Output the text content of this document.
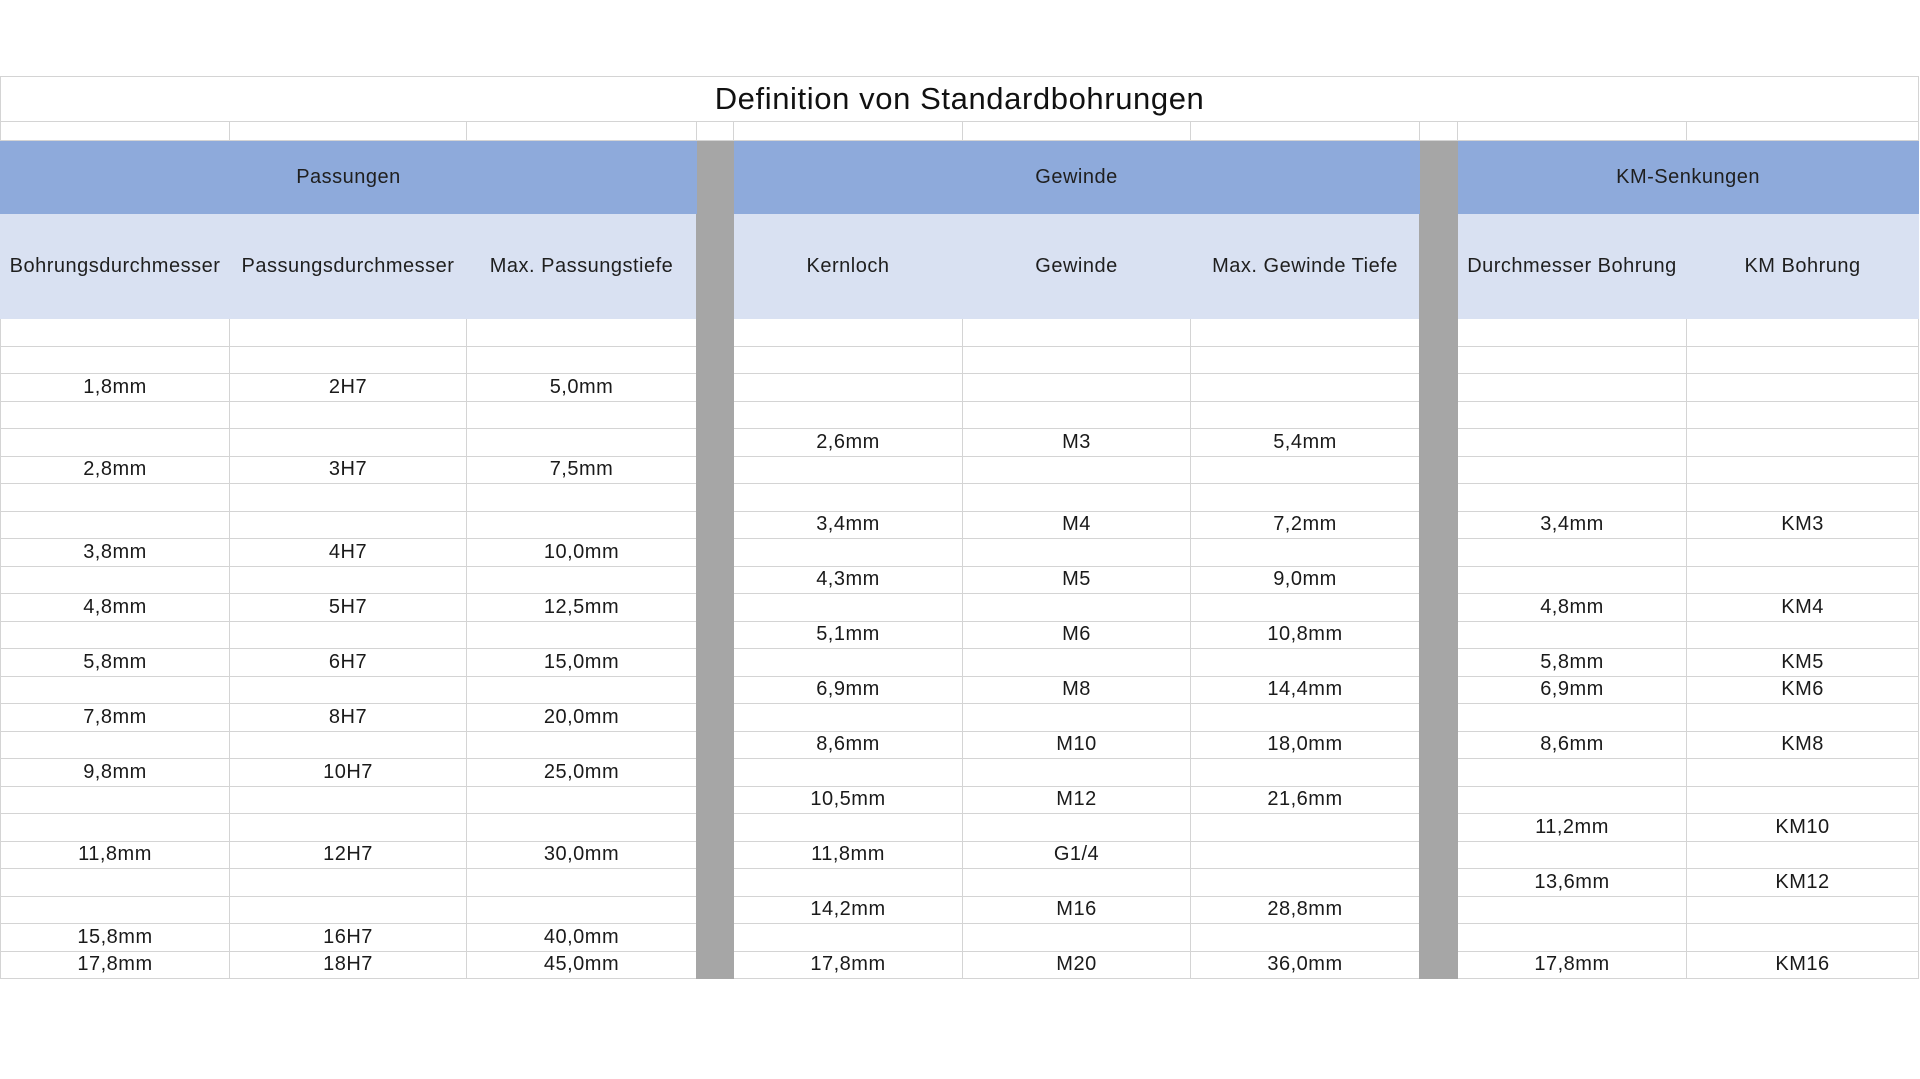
Definition von Standardbohrungen									

Passungen				Gewinde				KM-Senkungen	
Bohrungsdurchmesser	Passungsdurchmesser	Max. Passungstiefe		Kernloch	Gewinde	Max. Gewinde Tiefe		Durchmesser Bohrung	KM Bohrung

1,8mm	2H7	5,0mm							

				2,6mm	M3	5,4mm			
2,8mm	3H7	7,5mm							

				3,4mm	M4	7,2mm		3,4mm	KM3
3,8mm	4H7	10,0mm							
				4,3mm	M5	9,0mm			
4,8mm	5H7	12,5mm						4,8mm	KM4
				5,1mm	M6	10,8mm			
5,8mm	6H7	15,0mm						5,8mm	KM5
				6,9mm	M8	14,4mm		6,9mm	KM6
7,8mm	8H7	20,0mm							
				8,6mm	M10	18,0mm		8,6mm	KM8
9,8mm	10H7	25,0mm							
				10,5mm	M12	21,6mm			
								11,2mm	KM10
11,8mm	12H7	30,0mm		11,8mm	G1/4				
								13,6mm	KM12
				14,2mm	M16	28,8mm			
15,8mm	16H7	40,0mm							
17,8mm	18H7	45,0mm		17,8mm	M20	36,0mm		17,8mm	KM16
